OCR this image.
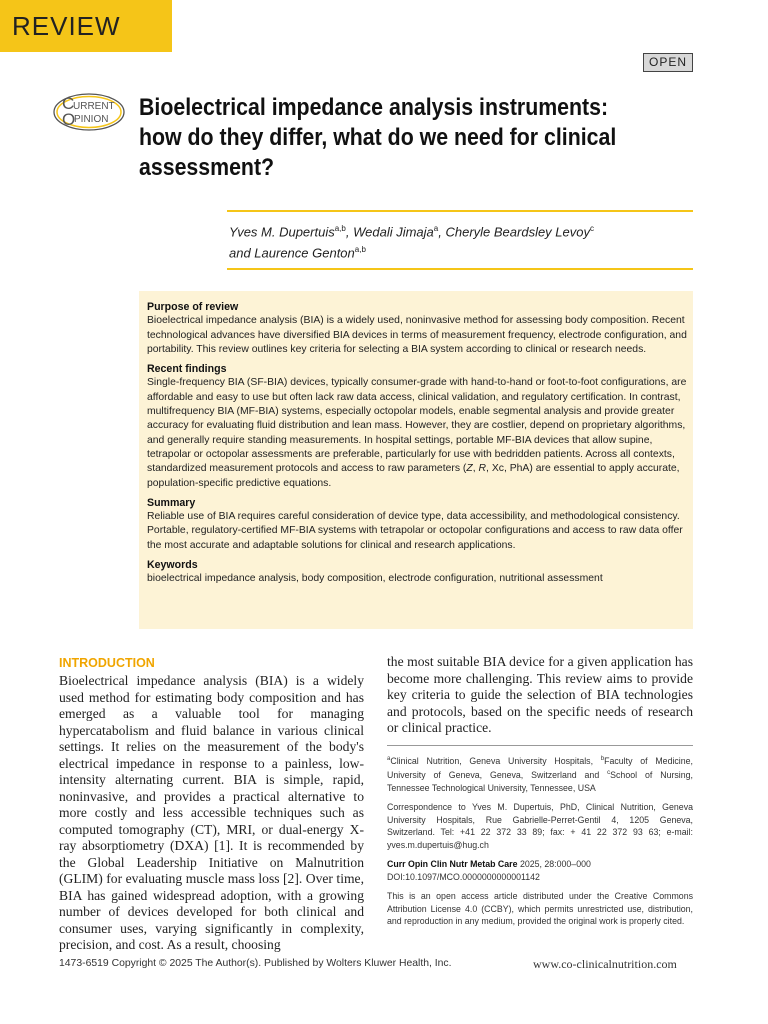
REVIEW
OPEN
C
URRENT
O
PINION Bioelectrical impedance analysis instruments: how do they differ, what do we need for clinical assessment?
Yves M. Dupertuis$^{a,b}$, Wedali Jimaja$^a$, Cheryle Beardsley Levoy$^c$
and Laurence Genton$^{a,b}$
Purpose of review

Bioelectrical impedance analysis (BIA) is a widely used, noninvasive method for assessing body composition. Recent technological advances have diversified BIA devices in terms of measurement frequency, electrode configuration, and portability. This review outlines key criteria for selecting a BIA system according to clinical or research needs.

Recent findings

Single-frequency BIA (SF-BIA) devices, typically consumer-grade with hand-to-hand or foot-to-foot configurations, are affordable and easy to use but often lack raw data access, clinical validation, and regulatory certification. In contrast, multifrequency BIA (MF-BIA) systems, especially octopolar models, enable segmental analysis and provide greater accuracy for evaluating fluid distribution and lean mass. However, they are costlier, depend on proprietary algorithms, and generally require standing measurements. In hospital settings, portable MF-BIA devices that allow supine, tetrapolar or octopolar assessments are preferable, particularly for use with bedridden patients. Across all contexts, standardized measurement protocols and access to raw parameters (Z, R, Xc, PhA) are essential to apply accurate, population-specific predictive equations.

Summary

Reliable use of BIA requires careful consideration of device type, data accessibility, and methodological consistency. Portable, regulatory-certified MF-BIA systems with tetrapolar or octopolar configurations and access to raw data offer the most accurate and adaptable solutions for clinical and research applications.

Keywords

bioelectrical impedance analysis, body composition, electrode configuration, nutritional assessment

INTRODUCTION
Bioelectrical impedance analysis (BIA) is a widely used method for estimating body composition and has emerged as a valuable tool for managing hypercatabolism and fluid balance in various clinical settings. It relies on the measurement of the body's electrical impedance in response to a painless, low-intensity alternating current. BIA is simple, rapid, noninvasive, and provides a practical alternative to more costly and less accessible techniques such as computed tomography (CT), MRI, or dual-energy X-ray absorptiometry (DXA) [1]. It is recommended by the Global Leadership Initiative on Malnutrition (GLIM) for evaluating muscle mass loss [2]. Over time, BIA has gained widespread adoption, with a growing number of devices developed for both clinical and consumer uses, varying significantly in complexity, precision, and cost. As a result, choosing
the most suitable BIA device for a given application has become more challenging. This review aims to provide key criteria to guide the selection of BIA technologies and protocols, based on the specific needs of research or clinical practice.

$^a$Clinical Nutrition, Geneva University Hospitals, $^b$Faculty of Medicine, University of Geneva, Geneva, Switzerland and $^c$School of Nursing, Tennessee Technological University, Tennessee, USA

Correspondence to Yves M. Dupertuis, PhD, Clinical Nutrition, Geneva University Hospitals, Rue Gabrielle-Perret-Gentil 4, 1205 Geneva, Switzerland. Tel: +41 22 372 33 89; fax: + 41 22 372 93 63; e-mail: yves.m.dupertuis@hug.ch

Curr Opin Clin Nutr Metab Care 2025, 28:000–000

DOI:10.1097/MCO.0000000000001142

This is an open access article distributed under the Creative Commons Attribution License 4.0 (CCBY), which permits unrestricted use, distribution, and reproduction in any medium, provided the original work is properly cited.

1473-6519 Copyright © 2025 The Author(s). Published by Wolters Kluwer Health, Inc.	www.co-clinicalnutrition.com
